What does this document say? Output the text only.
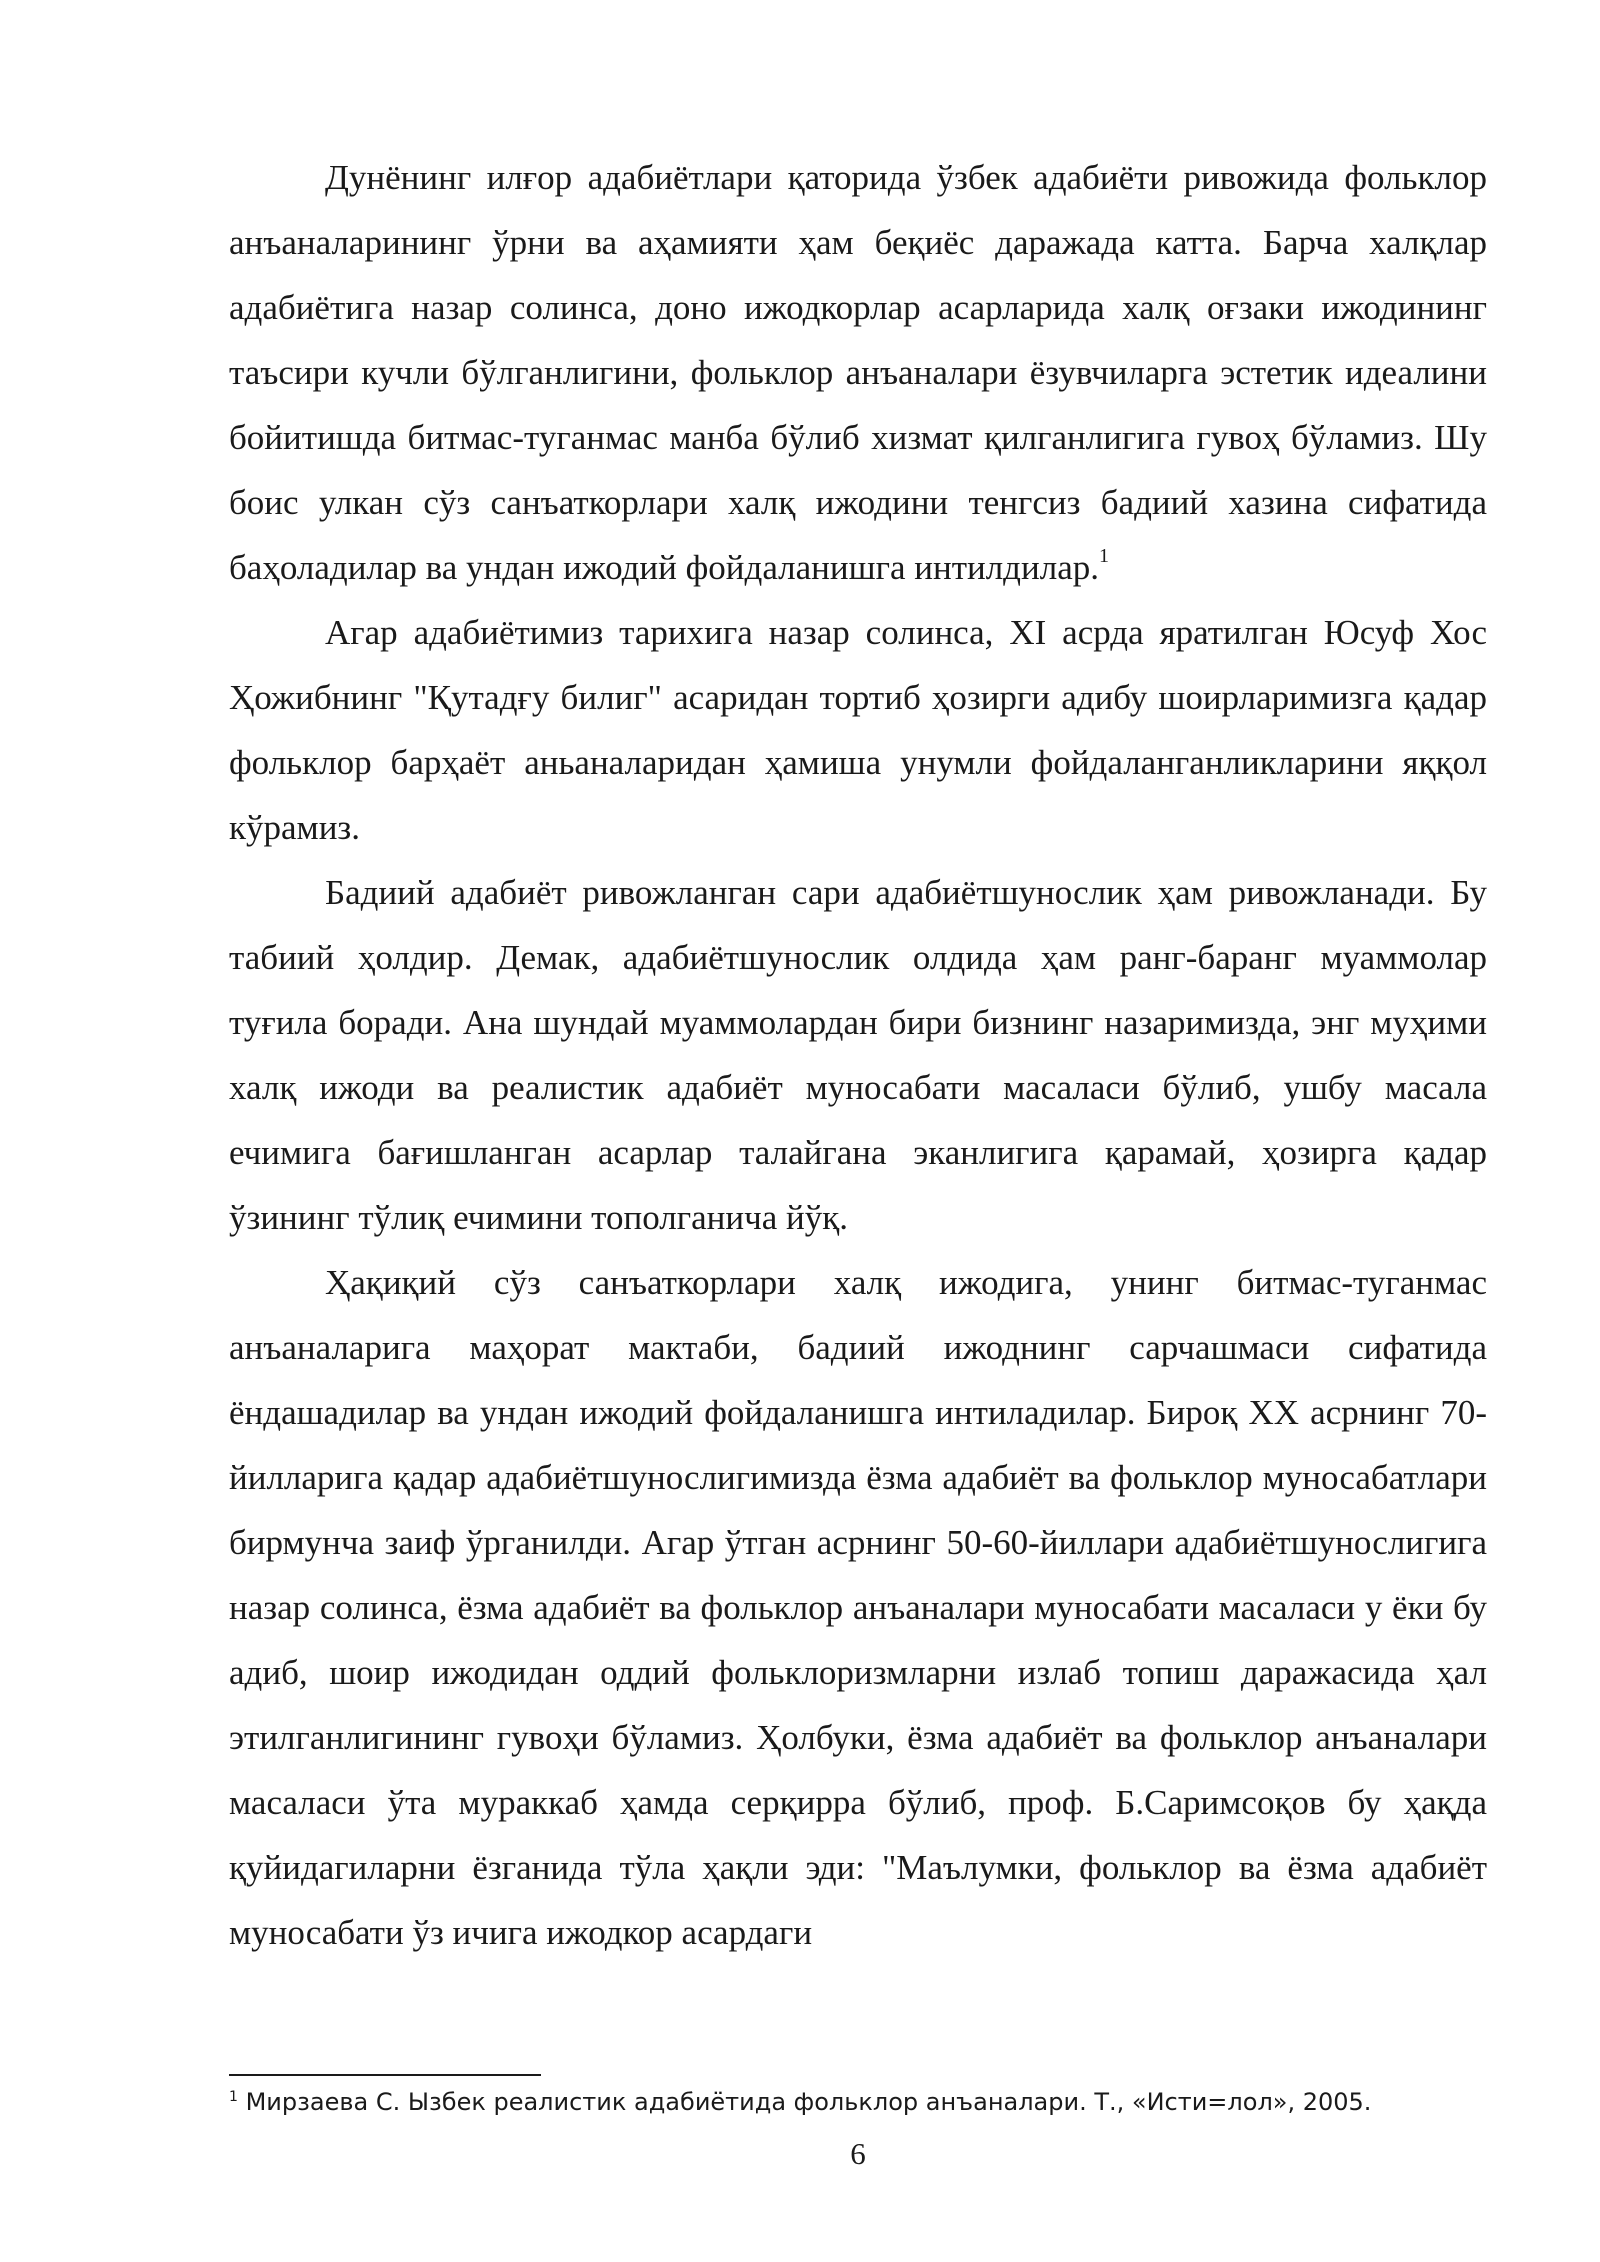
Дунёнинг илғор адабиётлари қаторида ўзбек адабиёти ривожида фольклор анъаналарининг ўрни ва аҳамияти ҳам беқиёс даражада катта. Барча халқлар адабиётига назар солинса, доно ижодкорлар асарларида халқ оғзаки ижодининг таъсири кучли бўлганлигини, фольклор анъаналари ёзувчиларга эстетик идеалини бойитишда битмас-туганмас манба бўлиб хизмат қилганлигига гувоҳ бўламиз. Шу боис улкан сўз санъаткорлари халқ ижодини тенгсиз бадиий хазина сифатида баҳоладилар ва ундан ижодий фойдаланишга интилдилар.$^1$

Агар адабиётимиз тарихига назар солинса, XI асрда яратилган Юсуф Хос Ҳожибнинг "Қутадғу билиг" асаридан тортиб ҳозирги адибу шоирларимизга қадар фольклор барҳаёт аньаналаридан ҳамиша унумли фойдаланганликларини яққол кўрамиз.

Бадиий адабиёт ривожланган сари адабиётшунослик ҳам ривожланади. Бу табиий ҳолдир. Демак, адабиётшунослик олдида ҳам ранг-баранг муаммолар туғила боради. Ана шундай муаммолардан бири бизнинг назаримизда, энг муҳими халқ ижоди ва реалистик адабиёт муносабати масаласи бўлиб, ушбу масала ечимига бағишланган асарлар талайгана эканлигига қарамай, ҳозирга қадар ўзининг тўлиқ ечимини тополганича йўқ.

Ҳақиқий сўз санъаткорлари халқ ижодига, унинг битмас-туганмас анъаналарига маҳорат мактаби, бадиий ижоднинг сарчашмаси сифатида ёндашадилар ва ундан ижодий фойдаланишга интиладилар. Бироқ XX асрнинг 70-йилларига қадар адабиётшунослигимизда ёзма адабиёт ва фольклор муносабатлари бирмунча заиф ўрганилди. Агар ўтган асрнинг 50-60-йиллари адабиётшунослигига назар солинса, ёзма адабиёт ва фольклор анъаналари муносабати масаласи у ёки бу адиб, шоир ижодидан оддий фольклоризмларни излаб топиш даражасида ҳал этилганлигининг гувоҳи бўламиз. Ҳолбуки, ёзма адабиёт ва фольклор анъаналари масаласи ўта мураккаб ҳамда серқирра бўлиб, проф. Б.Саримсоқов бу ҳақда қуйидагиларни ёзганида тўла ҳақли эди: "Маълумки, фольклор ва ёзма адабиёт муносабати ўз ичига ижодкор асардаги

$^1$ Мирзаева С. Ызбек реалистик адабиётида фольклор анъаналари. Т., «Исти=лол», 2005.
6
